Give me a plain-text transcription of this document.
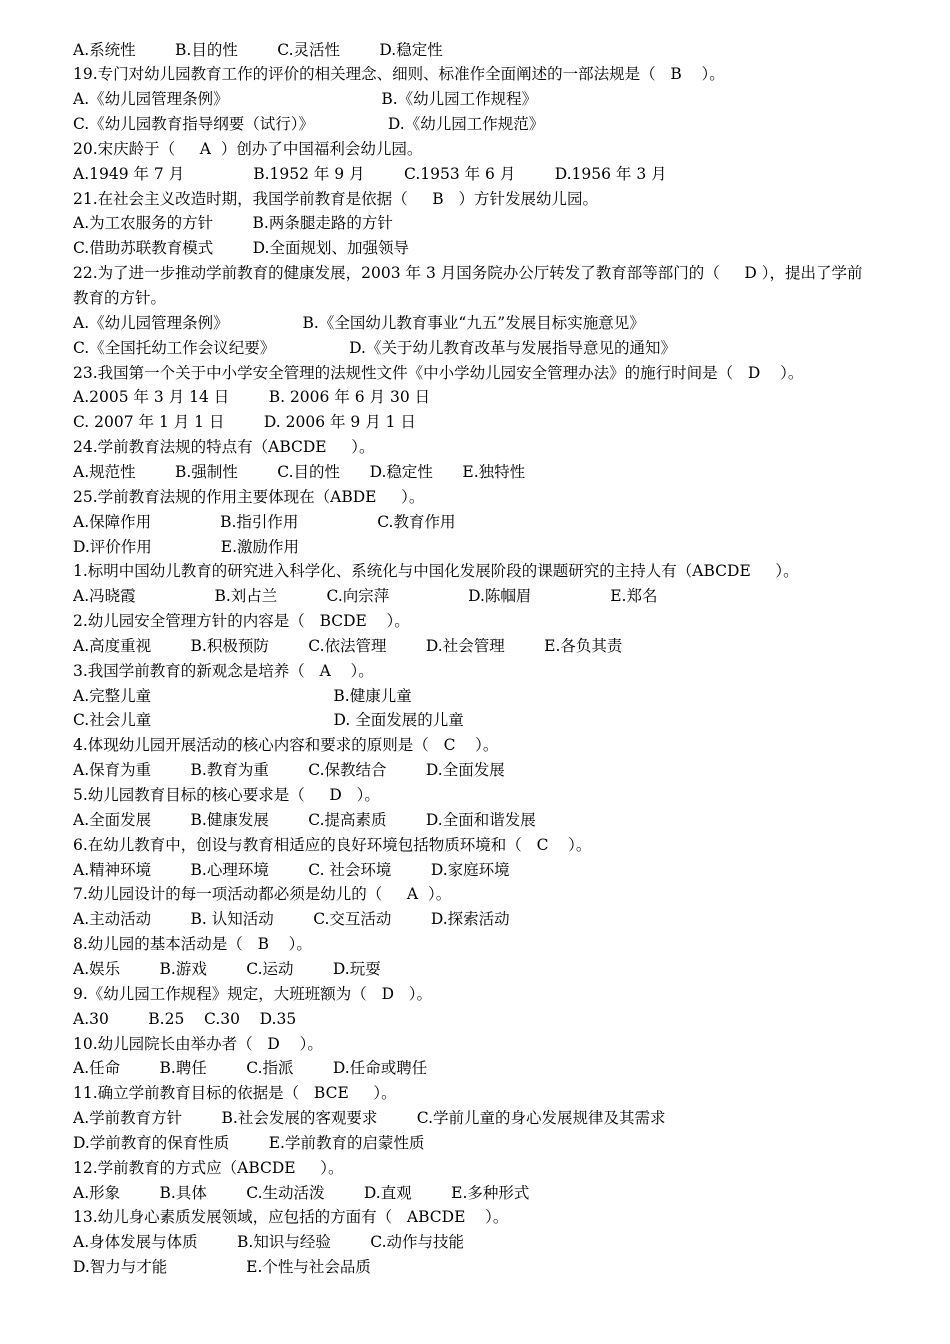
A.系统性        B.目的性        C.灵活性        D.稳定性
19.专门对幼儿园教育工作的评价的相关理念、细则、标准作全面阐述的一部法规是（   B    ）。
A.《幼儿园管理条例》                               B.《幼儿园工作规程》
C.《幼儿园教育指导纲要（试行）》               D.《幼儿园工作规范》
20.宋庆龄于（     A  ）创办了中国福利会幼儿园。
A.1949 年 7 月              B.1952 年 9 月        C.1953 年 6 月        D.1956 年 3 月
21.在社会主义改造时期，我国学前教育是依据（     B   ）方针发展幼儿园。
A.为工农服务的方针        B.两条腿走路的方针
C.借助苏联教育模式        D.全面规划、加强领导
22.为了进一步推动学前教育的健康发展，2003 年 3 月国务院办公厅转发了教育部等部门的（     D ），提出了学前
教育的方针。
A.《幼儿园管理条例》               B.《全国幼儿教育事业“九五”发展目标实施意见》
C.《全国托幼工作会议纪要》               D.《关于幼儿教育改革与发展指导意见的通知》
23.我国第一个关于中小学安全管理的法规性文件《中小学幼儿园安全管理办法》的施行时间是（   D    ）。
A.2005 年 3 月 14 日        B. 2006 年 6 月 30 日
C. 2007 年 1 月 1 日        D. 2006 年 9 月 1 日
24.学前教育法规的特点有（ABCDE     ）。
A.规范性        B.强制性        C.目的性      D.稳定性      E.独特性
25.学前教育法规的作用主要体现在（ABDE     ）。
A.保障作用              B.指引作用                C.教育作用
D.评价作用              E.激励作用
1.标明中国幼儿教育的研究进入科学化、系统化与中国化发展阶段的课题研究的主持人有（ABCDE     ）。
A.冯晓霞                B.刘占兰          C.向宗萍                D.陈帼眉                E.郑名
2.幼儿园安全管理方针的内容是（   BCDE    ）。
A.高度重视        B.积极预防        C.依法管理        D.社会管理        E.各负其责
3.我国学前教育的新观念是培养（   A    ）。
A.完整儿童                                     B.健康儿童
C.社会儿童                                     D. 全面发展的儿童
4.体现幼儿园开展活动的核心内容和要求的原则是（   C    ）。
A.保育为重        B.教育为重        C.保教结合        D.全面发展
5.幼儿园教育目标的核心要求是（     D   ）。
A.全面发展        B.健康发展        C.提高素质        D.全面和谐发展
6.在幼儿教育中，创设与教育相适应的良好环境包括物质环境和（   C    ）。
A.精神环境        B.心理环境        C. 社会环境        D.家庭环境
7.幼儿园设计的每一项活动都必须是幼儿的（     A  ）。
A.主动活动        B. 认知活动        C.交互活动        D.探索活动
8.幼儿园的基本活动是（   B    ）。
A.娱乐        B.游戏        C.运动        D.玩耍
9.《幼儿园工作规程》规定，大班班额为（   D   ）。
A.30        B.25    C.30    D.35
10.幼儿园院长由举办者（   D    ）。
A.任命        B.聘任        C.指派        D.任命或聘任
11.确立学前教育目标的依据是（   BCE     ）。
A.学前教育方针        B.社会发展的客观要求        C.学前儿童的身心发展规律及其需求
D.学前教育的保育性质        E.学前教育的启蒙性质
12.学前教育的方式应（ABCDE     ）。
A.形象        B.具体        C.生动活泼        D.直观        E.多种形式
13.幼儿身心素质发展领域，应包括的方面有（   ABCDE    ）。
A.身体发展与体质        B.知识与经验        C.动作与技能
D.智力与才能                E.个性与社会品质
